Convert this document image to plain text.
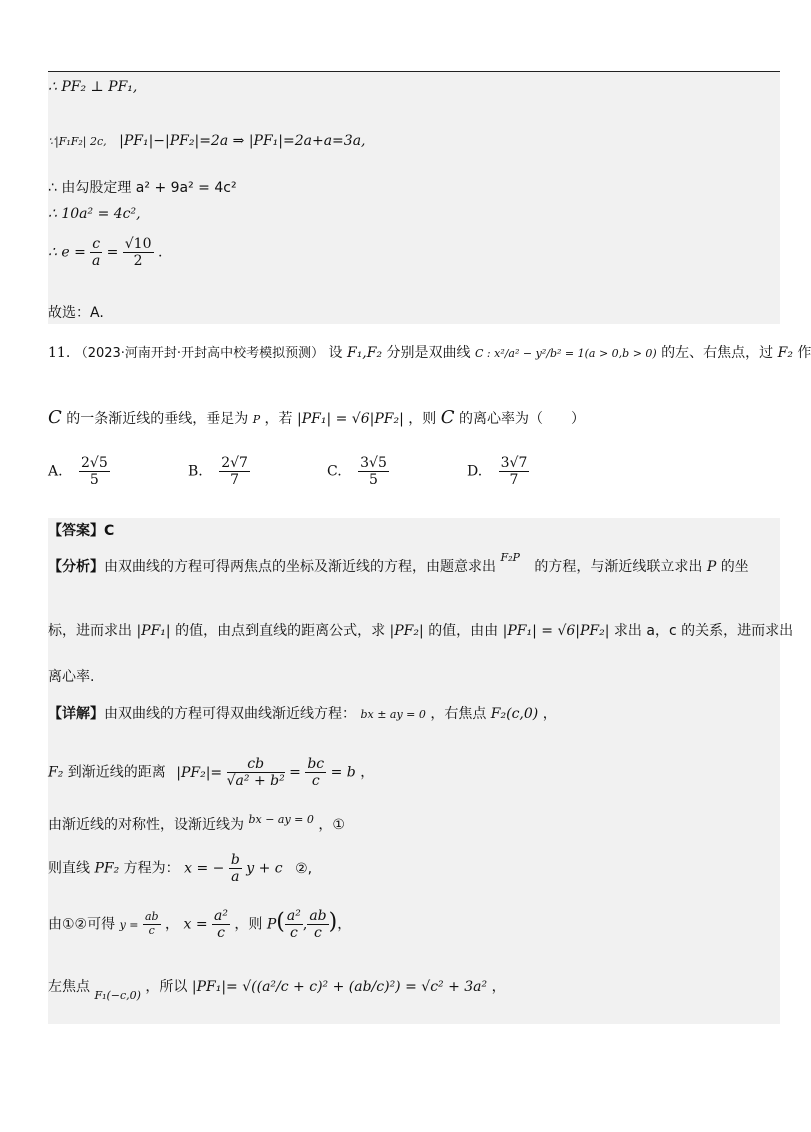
∴ PF₂ ⊥ PF₁,
∵|F₁F₂| 2c, |PF₁|−|PF₂|=2a ⇒ |PF₁|=2a+a=3a,
∴ 由勾股定理 a² + 9a² = 4c²
∴ 10a² = 4c²,
∴ $e = \frac{c}{a} = \frac{√10}{2}$ .
故选：A.
11. （2023·河南开封·开封高中校考模拟预测） 设 F₁,F₂ 分别是双曲线 C : x²/a² − y²/b² = 1(a > 0,b > 0) 的左、右焦点，过 F₂ 作
C 的一条渐近线的垂线，垂足为 P ，若 |PF₁| = √6|PF₂| ，则 C 的离心率为（　　）
A. $\frac{2√5}{5}$	B. $\frac{2√7}{7}$	C. $\frac{3√5}{5}$	D. $\frac{3√7}{7}$
【答案】C
【分析】由双曲线的方程可得两焦点的坐标及渐近线的方程，由题意求出 $^{F_2P}$ 的方程，与渐近线联立求出 P 的坐
标，进而求出 |PF₁| 的值，由点到直线的距离公式，求 |PF₂| 的值，由由 |PF₁| = √6|PF₂| 求出 a，c 的关系，进而求出
离心率.
【详解】由双曲线的方程可得双曲线渐近线方程： bx ± ay = 0 ，右焦点 F₂(c,0) ，
F₂ 到渐近线的距离 $|PF_2|= \frac{cb}{\text{√a² + b²}} = \frac{bc}{c} = b$ ，
由渐近线的对称性，设渐近线为 $^{bx - ay = 0}$ ，①
则直线 PF₂ 方程为： x = − $\frac{b}{a}$ y + c ②,
由①②可得 $y = \frac{ab}{c}$ ， $x = \frac{\text{a²}}{c}$ ，则 $P( \frac{\text{a²}}{c}$ , $\frac{ab}{c}$ )，
左焦点 $_{F_1(-c,0)}$ ，所以 |PF₁|= √((a²/c + c)² + (ab/c)²) = √c² + 3a² ，
